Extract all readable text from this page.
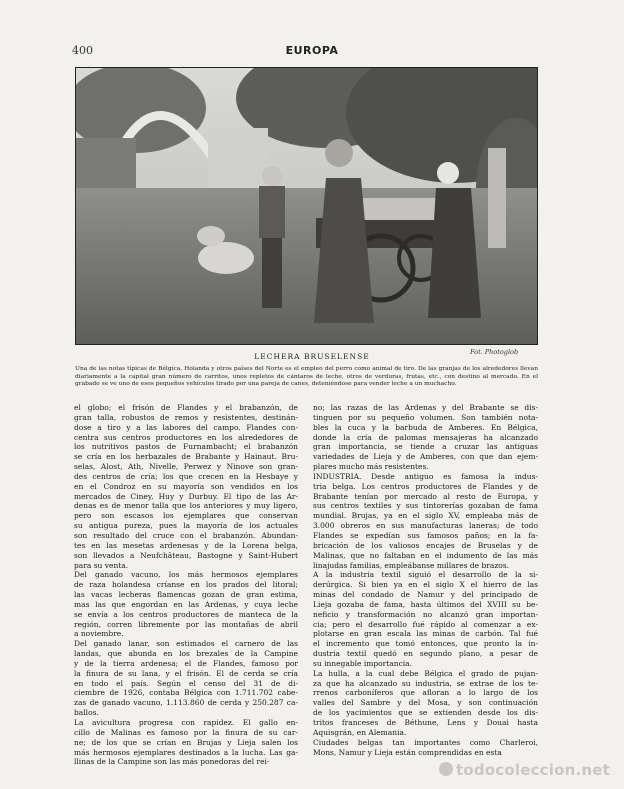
400	EUROPA
Fot. Photoglob
LECHERA BRUSELENSE
Una de las notas típicas de Bélgica, Holanda y otros países del Norte es el empleo del perro como animal de tiro. De las granjas de los alrededores llevan diariamente a la capital gran número de carritos, unos repletos de cántaros de leche, otros de verduras, frutas, etc., con destino al mercado. En el grabado se ve uno de esos pequeños vehículos tirado por una pareja de canes, deteniéndose para vender leche a un muchacho.

el globo; el frisón de Flandes y el brabanzón, de
gran talla, robustos de remos y resistentes, destinán-
dose a tiro y a las labores del campo. Flandes con-
centra sus centros productores en los alrededores de
los nutritivos pastos de Furnambacht; el brabanzón
se cría en los herbazales de Brabante y Hainaut. Bru-
selas, Alost, Ath, Nivelle, Perwez y Ninove son gran-
des centros de cría; los que crecen en la Hesbaye y
en el Condroz en su mayoría son vendidos en los
mercados de Ciney, Huy y Durbuy. El tipo de las Ar-
denas es de menor talla que los anteriores y muy ligero,
pero son escasos los ejemplares que conservan
su antigua pureza, pues la mayoría de los actuales
son resultado del cruce con el brabanzón. Abundan-
tes en las mesetas ardenesas y de la Lorena belga,
son llevados a Neufchâteau, Bastogne y Saint-Hubert
para su venta.

Del ganado vacuno, los más hermosos ejemplares
de raza holandesa críanse en los prados del litoral;
las vacas lecheras flamencas gozan de gran estima,
mas las que engordan en las Ardenas, y cuya leche
se envía a los centros productores de manteca de la
región, corren libremente por las montañas de abril
a noviembre.

Del ganado lanar, son estimados el carnero de las
landas, que abunda en los brezales de la Campine
y de la tierra ardenesa; el de Flandes, famoso por
la finura de su lana, y el frisón. El de cerda se cría
en todo el país. Según el censo del 31 de di-
ciembre de 1926, contaba Bélgica con 1.711.702 cabe-
zas de ganado vacuno, 1.113.860 de cerda y 250.287 ca-
ballos.

La avicultura progresa con rapidez. El gallo en-
cillo de Malinas es famoso por la finura de su car-
ne; de los que se crían en Brujas y Lieja salen los
más hermosos ejemplares destinados a la lucha. Las ga-
llinas de la Campine son las más ponedoras del rei-

no; las razas de las Ardenas y del Brabante se dis-
tinguen por su pequeño volumen. Son también nota-
bles la cuca y la barbuda de Amberes. En Bélgica,
donde la cría de palomas mensajeras ha alcanzado
gran importancia, se tiende a cruzar las antiguas
variedades de Lieja y de Amberes, con que dan ejem-
plares mucho más resistentes.

INDUSTRIA. Desde antiguo es famosa la indus-
tria belga. Los centros productores de Flandes y de
Brabante tenían por mercado al resto de Europa, y
sus centros textiles y sus tintorerías gozaban de fama
mundial. Brujas, ya en el siglo XV, empleaba más de
3.000 obreros en sus manufacturas laneras; de todo
Flandes se expedían sus famosos paños; en la fa-
bricación de los valiosos encajes de Bruselas y de
Malinas, que no faltaban en el indumento de las más
linajudas familias, empleábanse millares de brazos.

A la industria textil siguió el desarrollo de la si-
derúrgica. Si bien ya en el siglo X el hierro de las
minas del condado de Namur y del principado de
Lieja gozaba de fama, hasta últimos del XVIII su be-
neficio y transformación no alcanzó gran importan-
cia; pero el desarrollo fué rápido al comenzar a ex-
plotarse en gran escala las minas de carbón. Tal fué
el incremento que tomó entonces, que pronto la in-
dustria textil quedó en segundo plano, a pesar de
su innegable importancia.

La hulla, a la cual debe Bélgica el grado de pujan-
za que ha alcanzado su industria, se extrae de los te-
rrenos carboníferos que afloran a lo largo de los
valles del Sambre y del Mosa, y son continuación
de los yacimientos que se extienden desde los dis-
tritos franceses de Béthune, Lens y Douai hasta
Aquisgrán, en Alemania.

Ciudades belgas tan importantes como Charleroi,
Mons, Namur y Lieja están comprendidas en esta

todocoleccion.net
